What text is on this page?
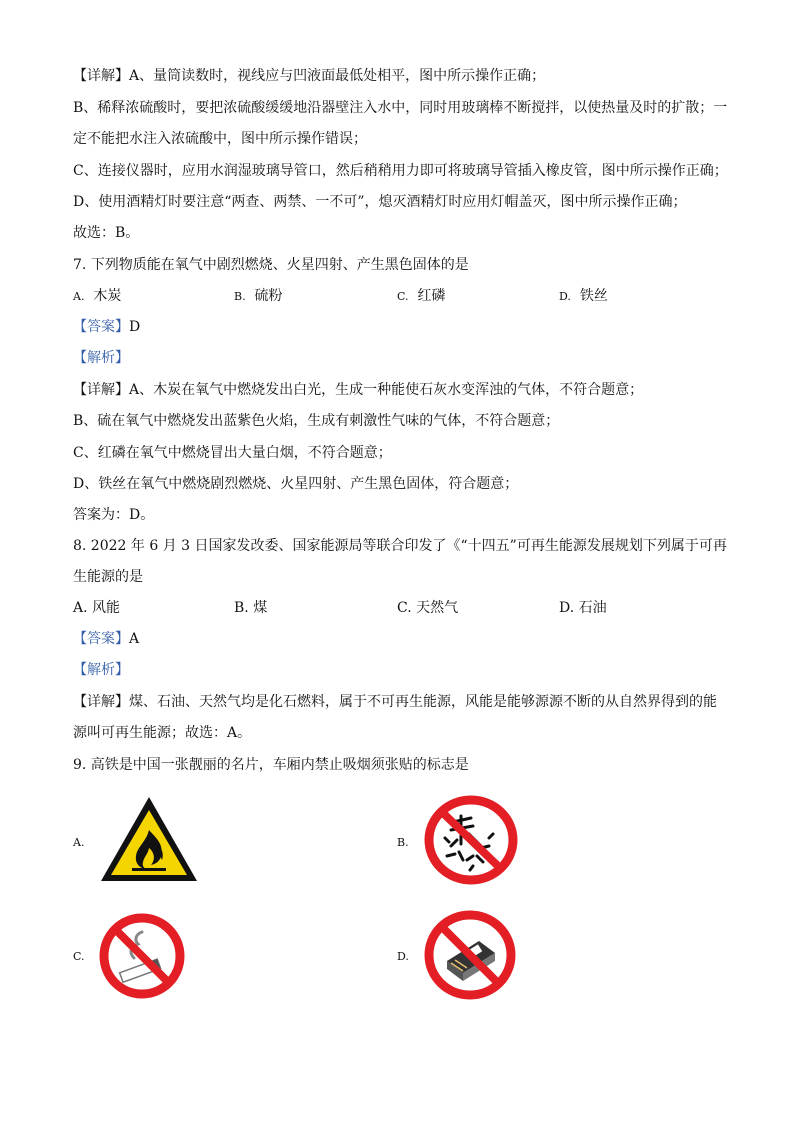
【详解】A、量筒读数时，视线应与凹液面最低处相平，图中所示操作正确；
B、稀释浓硫酸时，要把浓硫酸缓缓地沿器壁注入水中，同时用玻璃棒不断搅拌，以使热量及时的扩散；一
定不能把水注入浓硫酸中，图中所示操作错误；
C、连接仪器时，应用水润湿玻璃导管口，然后稍稍用力即可将玻璃导管插入橡皮管，图中所示操作正确；
D、使用酒精灯时要注意“两查、两禁、一不可”，熄灭酒精灯时应用灯帽盖灭，图中所示操作正确；
故选：B。
7. 下列物质能在氧气中剧烈燃烧、火星四射、产生黑色固体的是
A. 木炭	B. 硫粉	C. 红磷	D. 铁丝
【答案】D
【解析】
【详解】A、木炭在氧气中燃烧发出白光，生成一种能使石灰水变浑浊的气体，不符合题意；
B、硫在氧气中燃烧发出蓝紫色火焰，生成有刺激性气味的气体，不符合题意；
C、红磷在氧气中燃烧冒出大量白烟，不符合题意；
D、铁丝在氧气中燃烧剧烈燃烧、火星四射、产生黑色固体，符合题意；
答案为：D。
8. 2022 年 6 月 3 日国家发改委、国家能源局等联合印发了《“十四五”可再生能源发展规划下列属于可再
生能源的是
A. 风能	B. 煤	C. 天然气	D. 石油
【答案】A
【解析】
【详解】煤、石油、天然气均是化石燃料，属于不可再生能源，风能是能够源源不断的从自然界得到的能
源叫可再生能源；故选：A。
9. 高铁是中国一张靓丽的名片，车厢内禁止吸烟须张贴的标志是
A.	B.
C.	D.
